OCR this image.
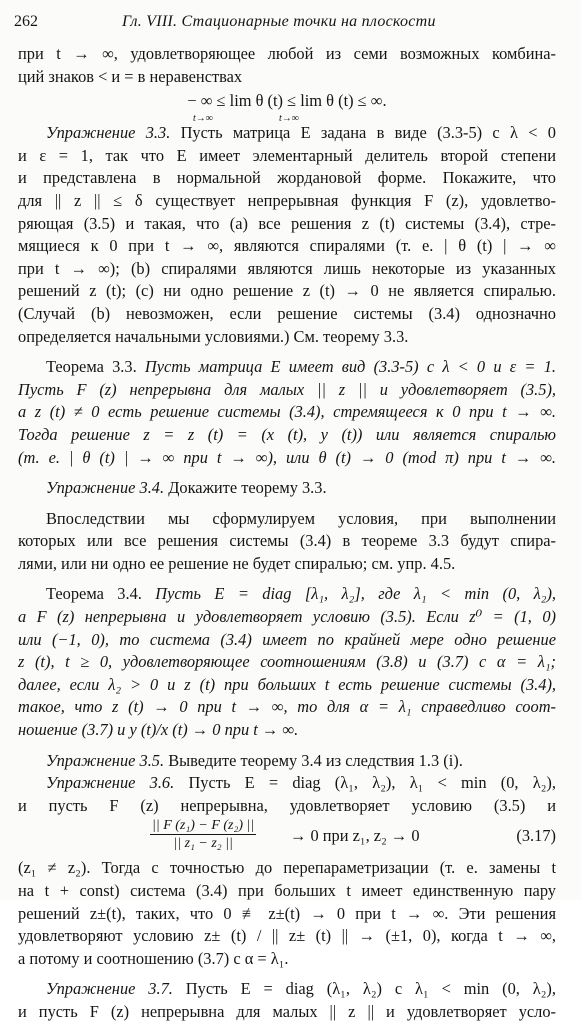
262	Гл. VIII. Стационарные точки на плоскости

при t → ∞, удовлетворяющее любой из семи возможных комбина-
ций знаков < и = в неравенствах

− ∞ ≤ lim θ (t) ≤ lim θ (t) ≤ ∞.
t→∞	t→∞

Упражнение 3.3. Пусть матрица E задана в виде (3.3-5) с λ < 0
и ε = 1, так что E имеет элементарный делитель второй степени
и представлена в нормальной жордановой форме. Покажите, что
для || z || ≤ δ существует непрерывная функция F (z), удовлетво-
ряющая (3.5) и такая, что (а) все решения z (t) системы (3.4), стре-
мящиеся к 0 при t → ∞, являются спиралями (т. е. | θ (t) | → ∞
при t → ∞); (b) спиралями являются лишь некоторые из указанных
решений z (t); (с) ни одно решение z (t) → 0 не является спиралью.
(Случай (b) невозможен, если решение системы (3.4) однозначно
определяется начальными условиями.) См. теорему 3.3.

Теорема 3.3. Пусть матрица E имеет вид (3.3-5) с λ < 0 и ε = 1.
Пусть F (z) непрерывна для малых || z || и удовлетворяет (3.5),
а z (t) ≠ 0 есть решение системы (3.4), стремящееся к 0 при t → ∞.
Тогда решение z = z (t) = (x (t), y (t)) или является спиралью
(т. е. | θ (t) | → ∞ при t → ∞), или θ (t) → 0 (mod π) при t → ∞.

Упражнение 3.4. Докажите теорему 3.3.

Впоследствии мы сформулируем условия, при выполнении
которых или все решения системы (3.4) в теореме 3.3 будут спира-
лями, или ни одно ее решение не будет спиралью; см. упр. 4.5.

Теорема 3.4. Пусть E = diag [λ₁, λ₂], где λ₁ < min (0, λ₂),
а F (z) непрерывна и удовлетворяет условию (3.5). Если z⁰ = (1, 0)
или (−1, 0), то система (3.4) имеет по крайней мере одно решение
z (t), t ≥ 0, удовлетворяющее соотношениям (3.8) и (3.7) с α = λ₁;
далее, если λ₂ > 0 и z (t) при больших t есть решение системы (3.4),
такое, что z (t) → 0 при t → ∞, то для α = λ₁ справедливо соот-
ношение (3.7) и y (t)/x (t) → 0 при t → ∞.

Упражнение 3.5. Выведите теорему 3.4 из следствия 1.3 (i).

Упражнение 3.6. Пусть E = diag (λ₁, λ₂), λ₁ < min (0, λ₂),
и пусть F (z) непрерывна, удовлетворяет условию (3.5) и

$\frac{\text{|| F (z₁) − F (z₂) ||}}{\text{|| z₁ − z₂ ||}} \to 0$ при z₁, z₂ → 0	(3.17)

(z₁ ≠ z₂). Тогда с точностью до перепараметризации (т. е. замены t
на t + const) система (3.4) при больших t имеет единственную пару
решений z±(t), таких, что 0 ≢ z±(t) → 0 при t → ∞. Эти решения
удовлетворяют условию z± (t) / || z± (t) || → (±1, 0), когда t → ∞,
а потому и соотношению (3.7) с α = λ₁.

Упражнение 3.7. Пусть E = diag (λ₁, λ₂) с λ₁ < min (0, λ₂),
и пусть F (z) непрерывна для малых || z || и удовлетворяет усло-
